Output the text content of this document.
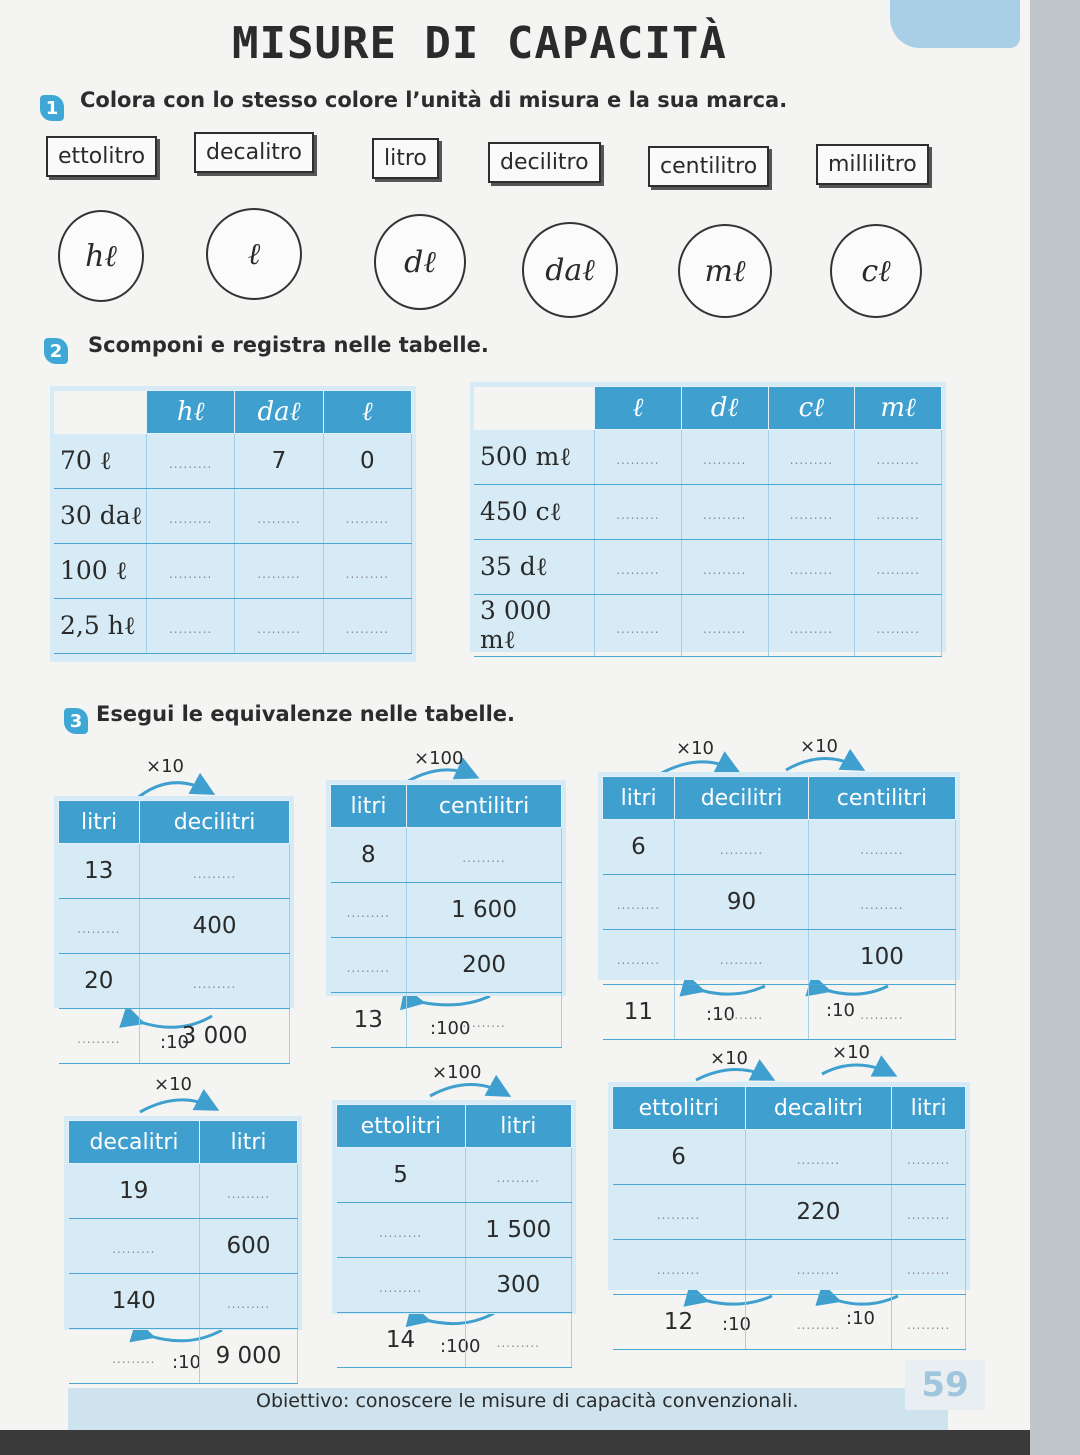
MISURE DI CAPACITÀ
1 Colora con lo stesso colore l’unità di misura e la sua marca.
ettolitro	decalitro	litro	decilitro	centilitro	millilitro
hℓ	ℓ	dℓ	daℓ	mℓ	cℓ
2 Scomponi e registra nelle tabelle.
	hℓ	daℓ	ℓ
70 ℓ	.....	7	0
30 daℓ	.....	.....	.....
100 ℓ	.....	.....	.....
2,5 hℓ	.....	.....	.....
	ℓ	dℓ	cℓ	mℓ
500 mℓ	.....	.....	.....	.....
450 cℓ	.....	.....	.....	.....
35 dℓ	.....	.....	.....	.....
3 000 mℓ	.....	.....	.....	.....
3 Esegui le equivalenze nelle tabelle.
×10
:10
litri	decilitri
13	.....
.....	400
20	.....
.....	3 000
×100
:100
litri	centilitri
8	.....
.....	1 600
.....	200
13	.....
×10	×10
:10	:10
litri	decilitri	centilitri
6	.....	.....
.....	90	.....
.....	.....	100
11	.....	.....
×10
:10
decalitri	litri
19	.....
.....	600
140	.....
.....	9 000
×100
:100
ettolitri	litri
5	.....
.....	1 500
.....	300
14	.....
×10	×10
:10	:10
ettolitri	decalitri	litri
6	.....	.....
.....	220	.....
.....	.....	.....
12	.....	.....
Obiettivo: conoscere le misure di capacità convenzionali.	59
